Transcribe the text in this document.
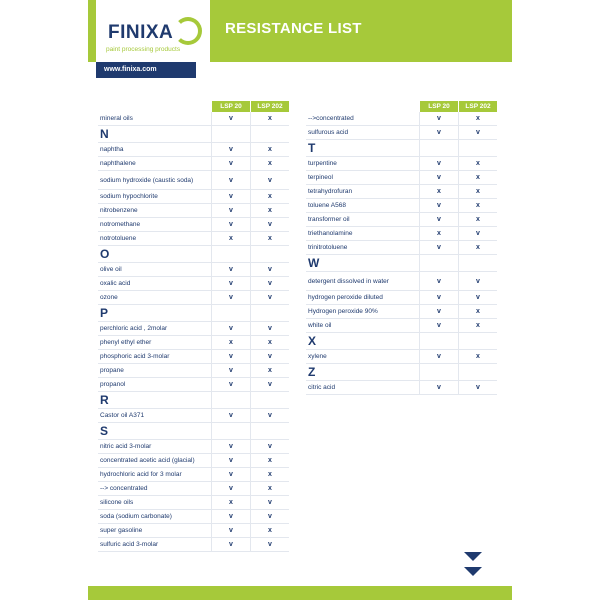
FINIXA
paint processing products
RESISTANCE LIST
www.finixa.com
	LSP 20	LSP 202
mineral oils	v	x
N		
naphtha	v	x
naphthalene	v	x
sodium hydroxide (caustic soda)	v	v
sodium hypochlorite	v	x
nitrobenzene	v	x
notromethane	v	v
notrotoluene	x	x
O		
olive oil	v	v
oxalic acid	v	v
ozone	v	v
P		
perchloric acid , 2molar	v	v
phenyl ethyl ether	x	x
phosphoric acid 3-molar	v	v
propane	v	x
propanol	v	v
R		
Castor oil A371	v	v
S		
nitric acid 3-molar	v	v
concentrated acetic acid (glacial)	v	x
hydrochloric acid for 3 molar	v	x
--> concentrated	v	x
silicone oils	x	v
soda (sodium carbonate)	v	v
super gasoline	v	x
sulfuric acid 3-molar	v	v
	LSP 20	LSP 202
-->concentrated	v	x
sulfurous acid	v	v
T		
turpentine	v	x
terpineol	v	x
tetrahydrofuran	x	x
toluene A568	v	x
transformer oil	v	x
triethanolamine	x	v
trinitrotoluene	v	x
W		
detergent dissolved in water	v	v
hydrogen peroxide diluted	v	v
Hydrogen peroxide 90%	v	x
white oil	v	x
X		
xylene	v	x
Z		
citric acid	v	v
